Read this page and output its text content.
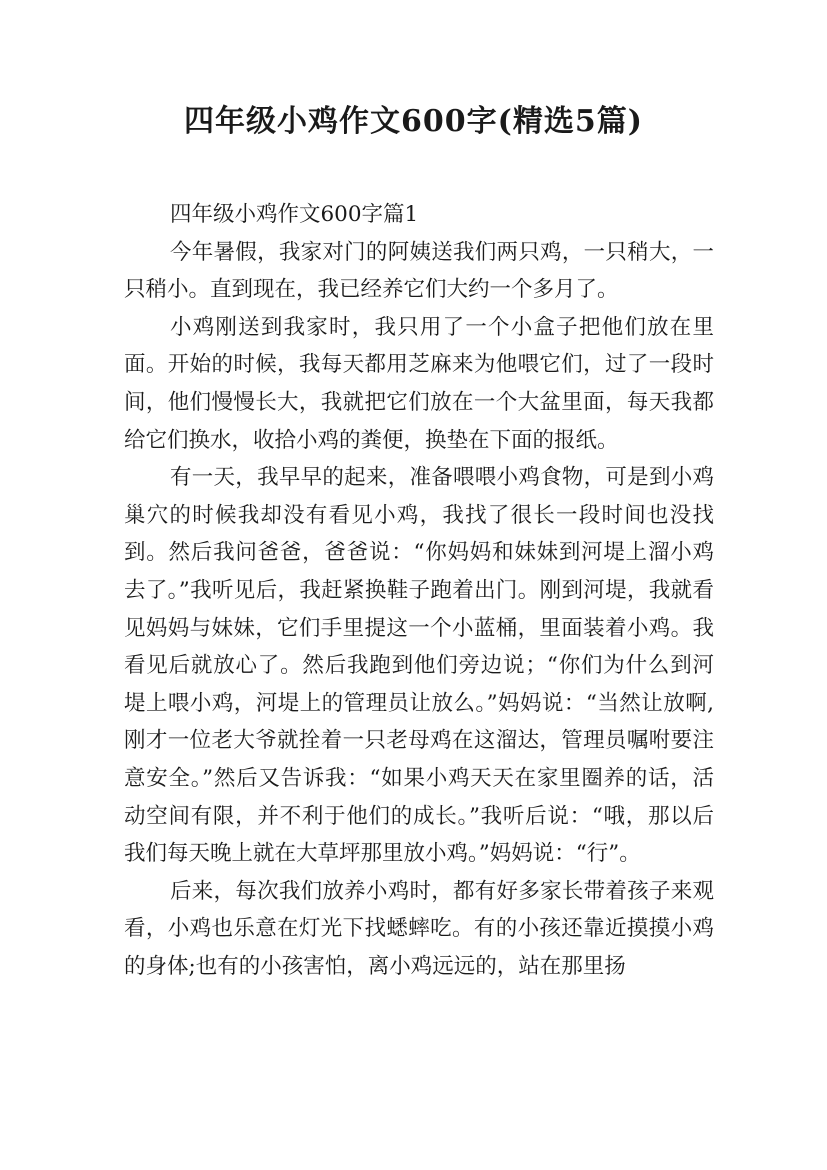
四年级小鸡作文600字(精选5篇)
四年级小鸡作文600字篇1

今年暑假，我家对门的阿姨送我们两只鸡，一只稍大，一只稍小。直到现在，我已经养它们大约一个多月了。

小鸡刚送到我家时，我只用了一个小盒子把他们放在里面。开始的时候，我每天都用芝麻来为他喂它们，过了一段时间，他们慢慢长大，我就把它们放在一个大盆里面，每天我都给它们换水，收拾小鸡的粪便，换垫在下面的报纸。

有一天，我早早的起来，准备喂喂小鸡食物，可是到小鸡巢穴的时候我却没有看见小鸡，我找了很长一段时间也没找到。然后我问爸爸，爸爸说：“你妈妈和妹妹到河堤上溜小鸡去了。”我听见后，我赶紧换鞋子跑着出门。刚到河堤，我就看见妈妈与妹妹，它们手里提这一个小蓝桶，里面装着小鸡。我看见后就放心了。然后我跑到他们旁边说；“你们为什么到河堤上喂小鸡，河堤上的管理员让放么。”妈妈说：“当然让放啊,刚才一位老大爷就拴着一只老母鸡在这溜达，管理员嘱咐要注意安全。”然后又告诉我：“如果小鸡天天在家里圈养的话，活动空间有限，并不利于他们的成长。”我听后说：“哦，那以后我们每天晚上就在大草坪那里放小鸡。”妈妈说：“行”。

后来，每次我们放养小鸡时，都有好多家长带着孩子来观看，小鸡也乐意在灯光下找蟋蟀吃。有的小孩还靠近摸摸小鸡的身体;也有的小孩害怕，离小鸡远远的，站在那里扬
